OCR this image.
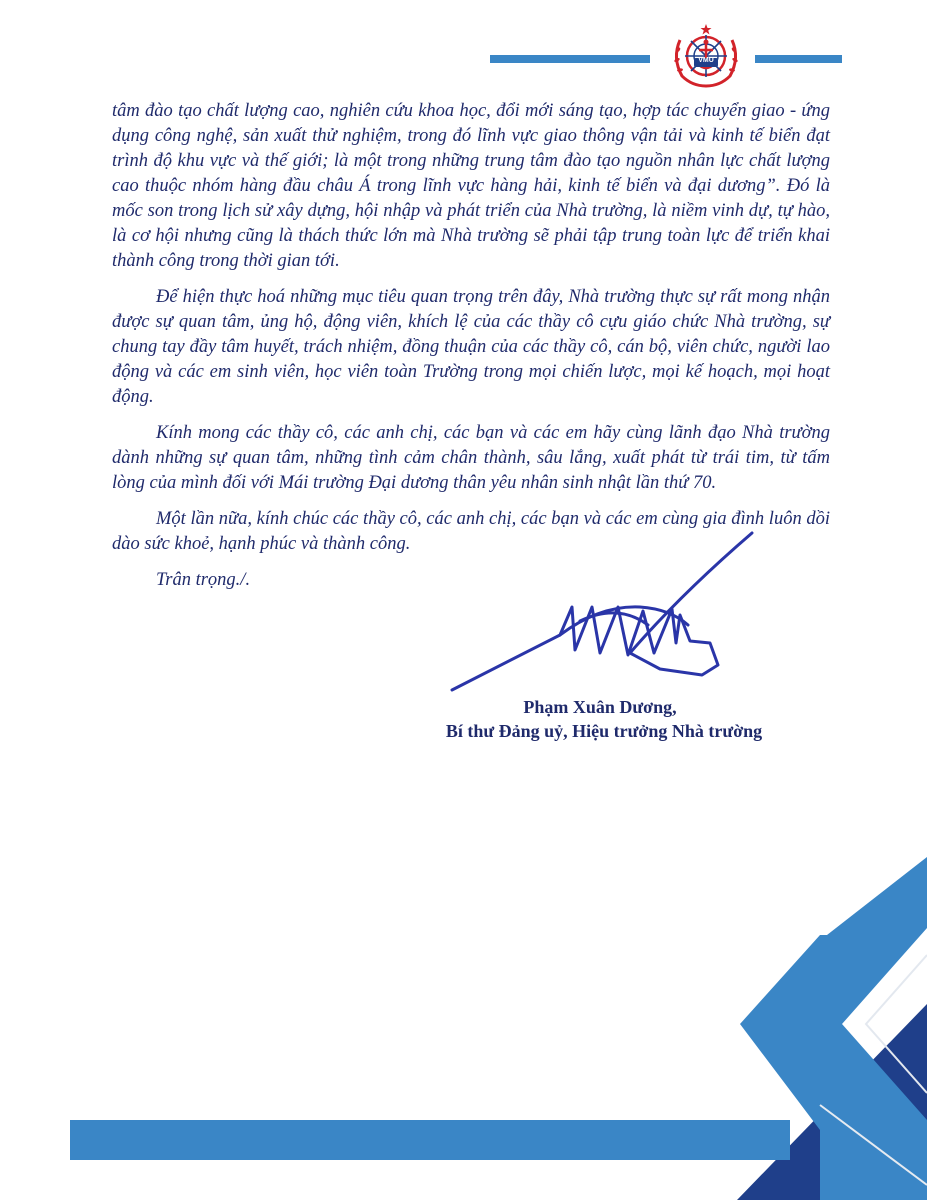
VMU

tâm đào tạo chất lượng cao, nghiên cứu khoa học, đổi mới sáng tạo, hợp tác chuyển giao - ứng dụng công nghệ, sản xuất thử nghiệm, trong đó lĩnh vực giao thông vận tải và kinh tế biển đạt trình độ khu vực và thế giới; là một trong những trung tâm đào tạo nguồn nhân lực chất lượng cao thuộc nhóm hàng đầu châu Á trong lĩnh vực hàng hải, kinh tế biển và đại dương”. Đó là mốc son trong lịch sử xây dựng, hội nhập và phát triển của Nhà trường, là niềm vinh dự, tự hào, là cơ hội nhưng cũng là thách thức lớn mà Nhà trường sẽ phải tập trung toàn lực để triển khai thành công trong thời gian tới.

Để hiện thực hoá những mục tiêu quan trọng trên đây, Nhà trường thực sự rất mong nhận được sự quan tâm, ủng hộ, động viên, khích lệ của các thầy cô cựu giáo chức Nhà trường, sự chung tay đầy tâm huyết, trách nhiệm, đồng thuận của các thầy cô, cán bộ, viên chức, người lao động và các em sinh viên, học viên toàn Trường trong mọi chiến lược, mọi kế hoạch, mọi hoạt động.

Kính mong các thầy cô, các anh chị, các bạn và các em hãy cùng lãnh đạo Nhà trường dành những sự quan tâm, những tình cảm chân thành, sâu lắng, xuất phát từ trái tim, từ tấm lòng của mình đối với Mái trường Đại dương thân yêu nhân sinh nhật lần thứ 70.

Một lần nữa, kính chúc các thầy cô, các anh chị, các bạn và các em cùng gia đình luôn dồi dào sức khoẻ, hạnh phúc và thành công.

Trân trọng./.

Phạm Xuân Dương,
Bí thư Đảng uỷ, Hiệu trưởng Nhà trường
